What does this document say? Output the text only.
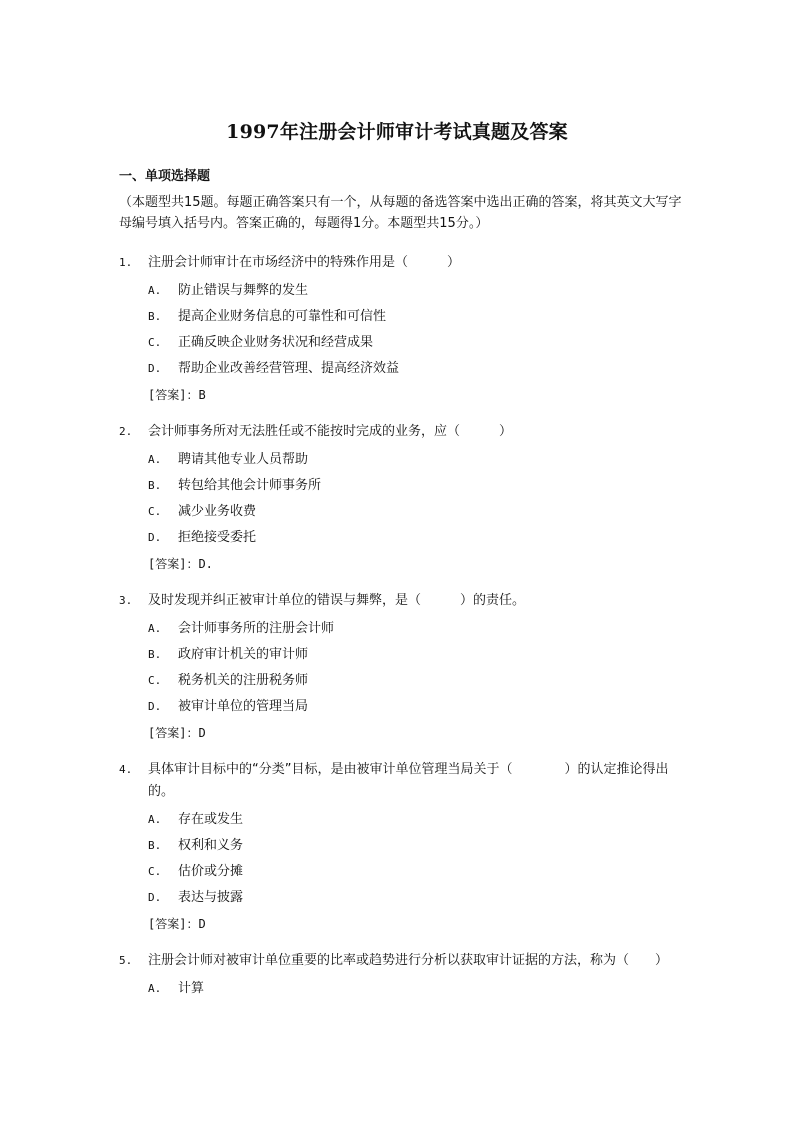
1997年注册会计师审计考试真题及答案
一、单项选择题

（本题型共15题。每题正确答案只有一个，从每题的备选答案中选出正确的答案，将其英文大写字母编号填入括号内。答案正确的，每题得1分。本题型共15分。）

1. 注册会计师审计在市场经济中的特殊作用是（　　　）
A. 防止错误与舞弊的发生
B. 提高企业财务信息的可靠性和可信性
C. 正确反映企业财务状况和经营成果
D. 帮助企业改善经营管理、提高经济效益
[答案]：B
2. 会计师事务所对无法胜任或不能按时完成的业务，应（　　　）
A. 聘请其他专业人员帮助
B. 转包给其他会计师事务所
C. 减少业务收费
D. 拒绝接受委托
[答案]：D.
3. 及时发现并纠正被审计单位的错误与舞弊，是（　　　）的责任。
A. 会计师事务所的注册会计师
B. 政府审计机关的审计师
C. 税务机关的注册税务师
D. 被审计单位的管理当局
[答案]：D
4. 具体审计目标中的“分类”目标，是由被审计单位管理当局关于（　　　　）的认定推论得出的。
A. 存在或发生
B. 权利和义务
C. 估价或分摊
D. 表达与披露
[答案]：D
5. 注册会计师对被审计单位重要的比率或趋势进行分析以获取审计证据的方法，称为（　　）
A. 计算
